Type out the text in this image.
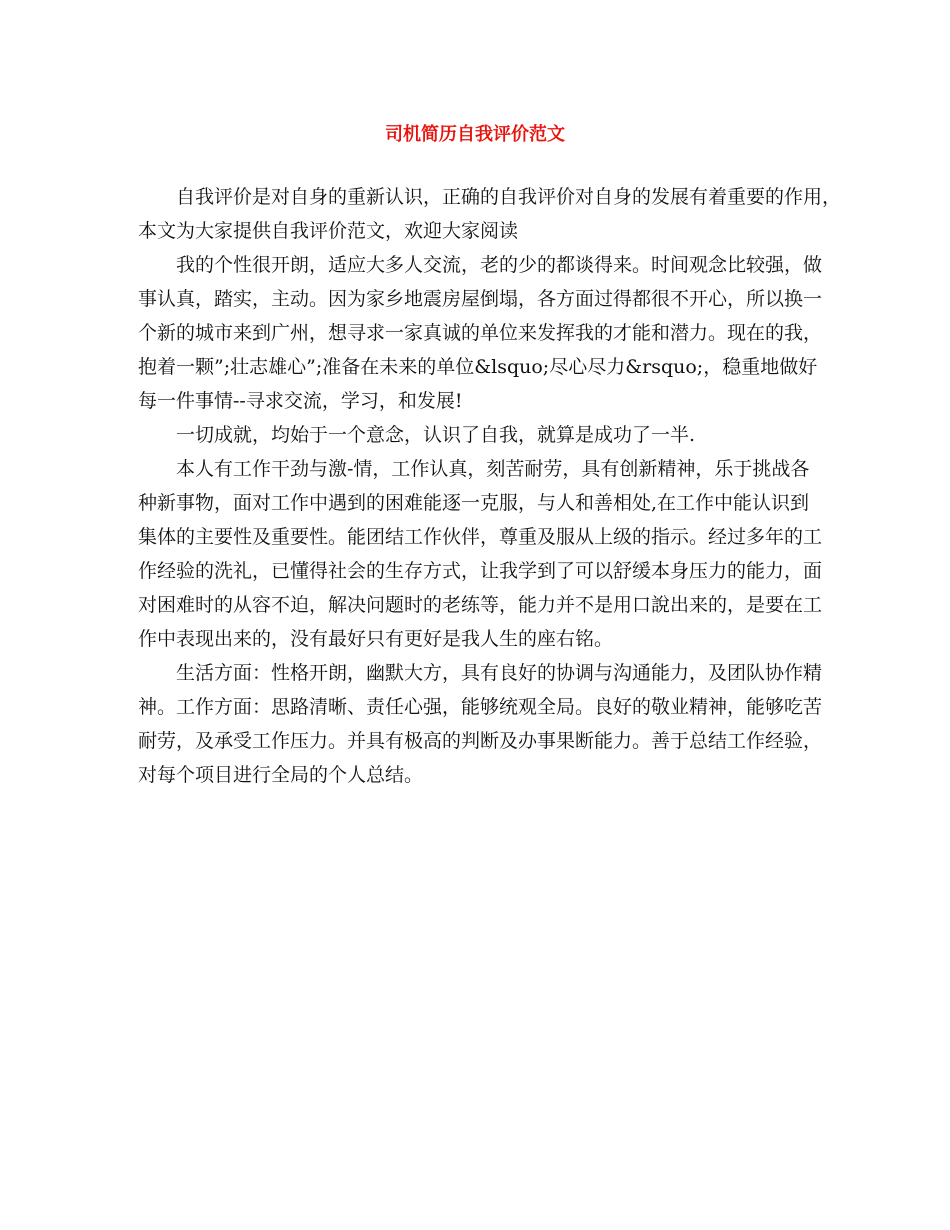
司机简历自我评价范文
自我评价是对自身的重新认识，正确的自我评价对自身的发展有着重要的作用，
本文为大家提供自我评价范文，欢迎大家阅读
我的个性很开朗，适应大多人交流，老的少的都谈得来。时间观念比较强，做
事认真，踏实，主动。因为家乡地震房屋倒塌，各方面过得都很不开心，所以换一
个新的城市来到广州，想寻求一家真诚的单位来发挥我的才能和潜力。现在的我，
抱着一颗”;壮志雄心”;准备在未来的单位&lsquo;尽心尽力&rsquo;，稳重地做好
每一件事情--寻求交流，学习，和发展!
一切成就，均始于一个意念，认识了自我，就算是成功了一半.
本人有工作干劲与激-情，工作认真，刻苦耐劳，具有创新精神，乐于挑战各
种新事物，面对工作中遇到的困难能逐一克服，与人和善相处,在工作中能认识到
集体的主要性及重要性。能团结工作伙伴，尊重及服从上级的指示。经过多年的工
作经验的洗礼，已懂得社会的生存方式，让我学到了可以舒缓本身压力的能力，面
对困难时的从容不迫，解决问题时的老练等，能力并不是用口說出来的，是要在工
作中表现出来的，没有最好只有更好是我人生的座右铭。
生活方面：性格开朗，幽默大方，具有良好的协调与沟通能力，及团队协作精
神。工作方面：思路清晰、责任心强，能够统观全局。良好的敬业精神，能够吃苦
耐劳，及承受工作压力。并具有极高的判断及办事果断能力。善于总结工作经验，
对每个项目进行全局的个人总结。
